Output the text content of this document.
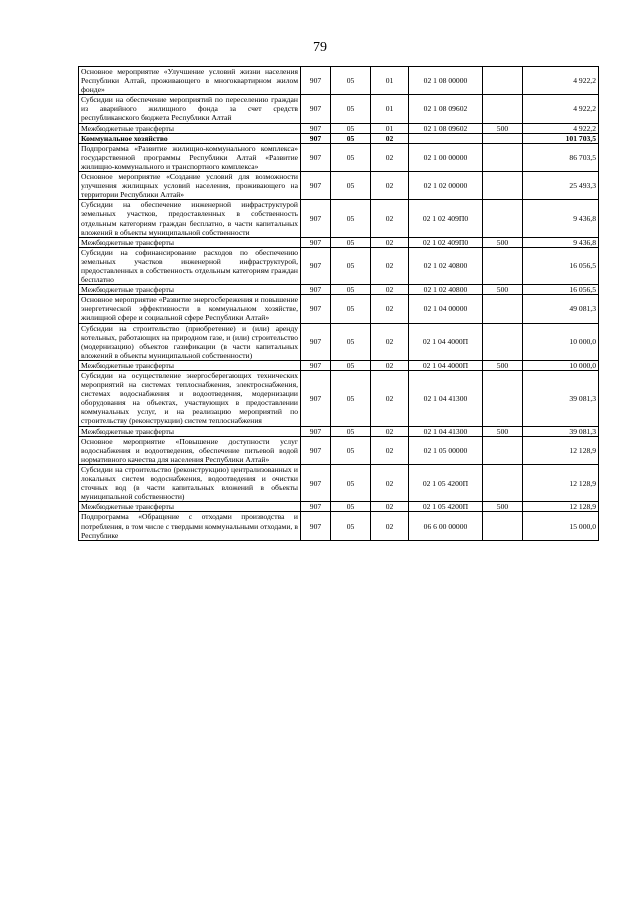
79
Основное мероприятие «Улучшение условий жизни населения Республики Алтай, проживающего в многоквартирном жилом фонде»	907	05	01	02 1 08 00000		4 922,2
Субсидии на обеспечение мероприятий по переселению граждан из аварийного жилищного фонда за счет средств республиканского бюджета Республики Алтай	907	05	01	02 1 08 09602		4 922,2
Межбюджетные трансферты	907	05	01	02 1 08 09602	500	4 922,2
Коммунальное хозяйство	907	05	02			101 703,5
Подпрограмма «Развитие жилищно-коммунального комплекса» государственной программы Республики Алтай «Развитие жилищно-коммунального и транспортного комплекса»	907	05	02	02 1 00 00000		86 703,5
Основное мероприятие «Создание условий для возможности улучшения жилищных условий населения, проживающего на территории Республики Алтай»	907	05	02	02 1 02 00000		25 493,3
Субсидии на обеспечение инженерной инфраструктурой земельных участков, предоставленных в собственность отдельным категориям граждан бесплатно, в части капитальных вложений в объекты муниципальной собственности	907	05	02	02 1 02 409П0		9 436,8
Межбюджетные трансферты	907	05	02	02 1 02 409П0	500	9 436,8
Субсидии на софинансирование расходов по обеспечению земельных участков инженерной инфраструктурой, предоставленных в собственность отдельным категориям граждан бесплатно	907	05	02	02 1 02 40800		16 056,5
Межбюджетные трансферты	907	05	02	02 1 02 40800	500	16 056,5
Основное мероприятие «Развитие энергосбережения и повышение энергетической эффективности в коммунальном хозяйстве, жилищной сфере и социальной сфере Республики Алтай»	907	05	02	02 1 04 00000		49 081,3
Субсидии на строительство (приобретение) и (или) аренду котельных, работающих на природном газе, и (или) строительство (модернизацию) объектов газификации (в части капитальных вложений в объекты муниципальной собственности)	907	05	02	02 1 04 4000П		10 000,0
Межбюджетные трансферты	907	05	02	02 1 04 4000П	500	10 000,0
Субсидии на осуществление энергосберегающих технических мероприятий на системах теплоснабжения, электроснабжения, системах водоснабжения и водоотведения, модернизации оборудования на объектах, участвующих в предоставлении коммунальных услуг, и на реализацию мероприятий по строительству (реконструкции) систем теплоснабжения	907	05	02	02 1 04 41300		39 081,3
Межбюджетные трансферты	907	05	02	02 1 04 41300	500	39 081,3
Основное мероприятие «Повышение доступности услуг водоснабжения и водоотведения, обеспечение питьевой водой нормативного качества для населения Республики Алтай»	907	05	02	02 1 05 00000		12 128,9
Субсидии на строительство (реконструкцию) централизованных и локальных систем водоснабжения, водоотведения и очистки сточных вод (в части капитальных вложений в объекты муниципальной собственности)	907	05	02	02 1 05 4200П		12 128,9
Межбюджетные трансферты	907	05	02	02 1 05 4200П	500	12 128,9
Подпрограмма «Обращение с отходами производства и потребления, в том числе с твердыми коммунальными отходами, в Республике	907	05	02	06 6 00 00000		15 000,0
